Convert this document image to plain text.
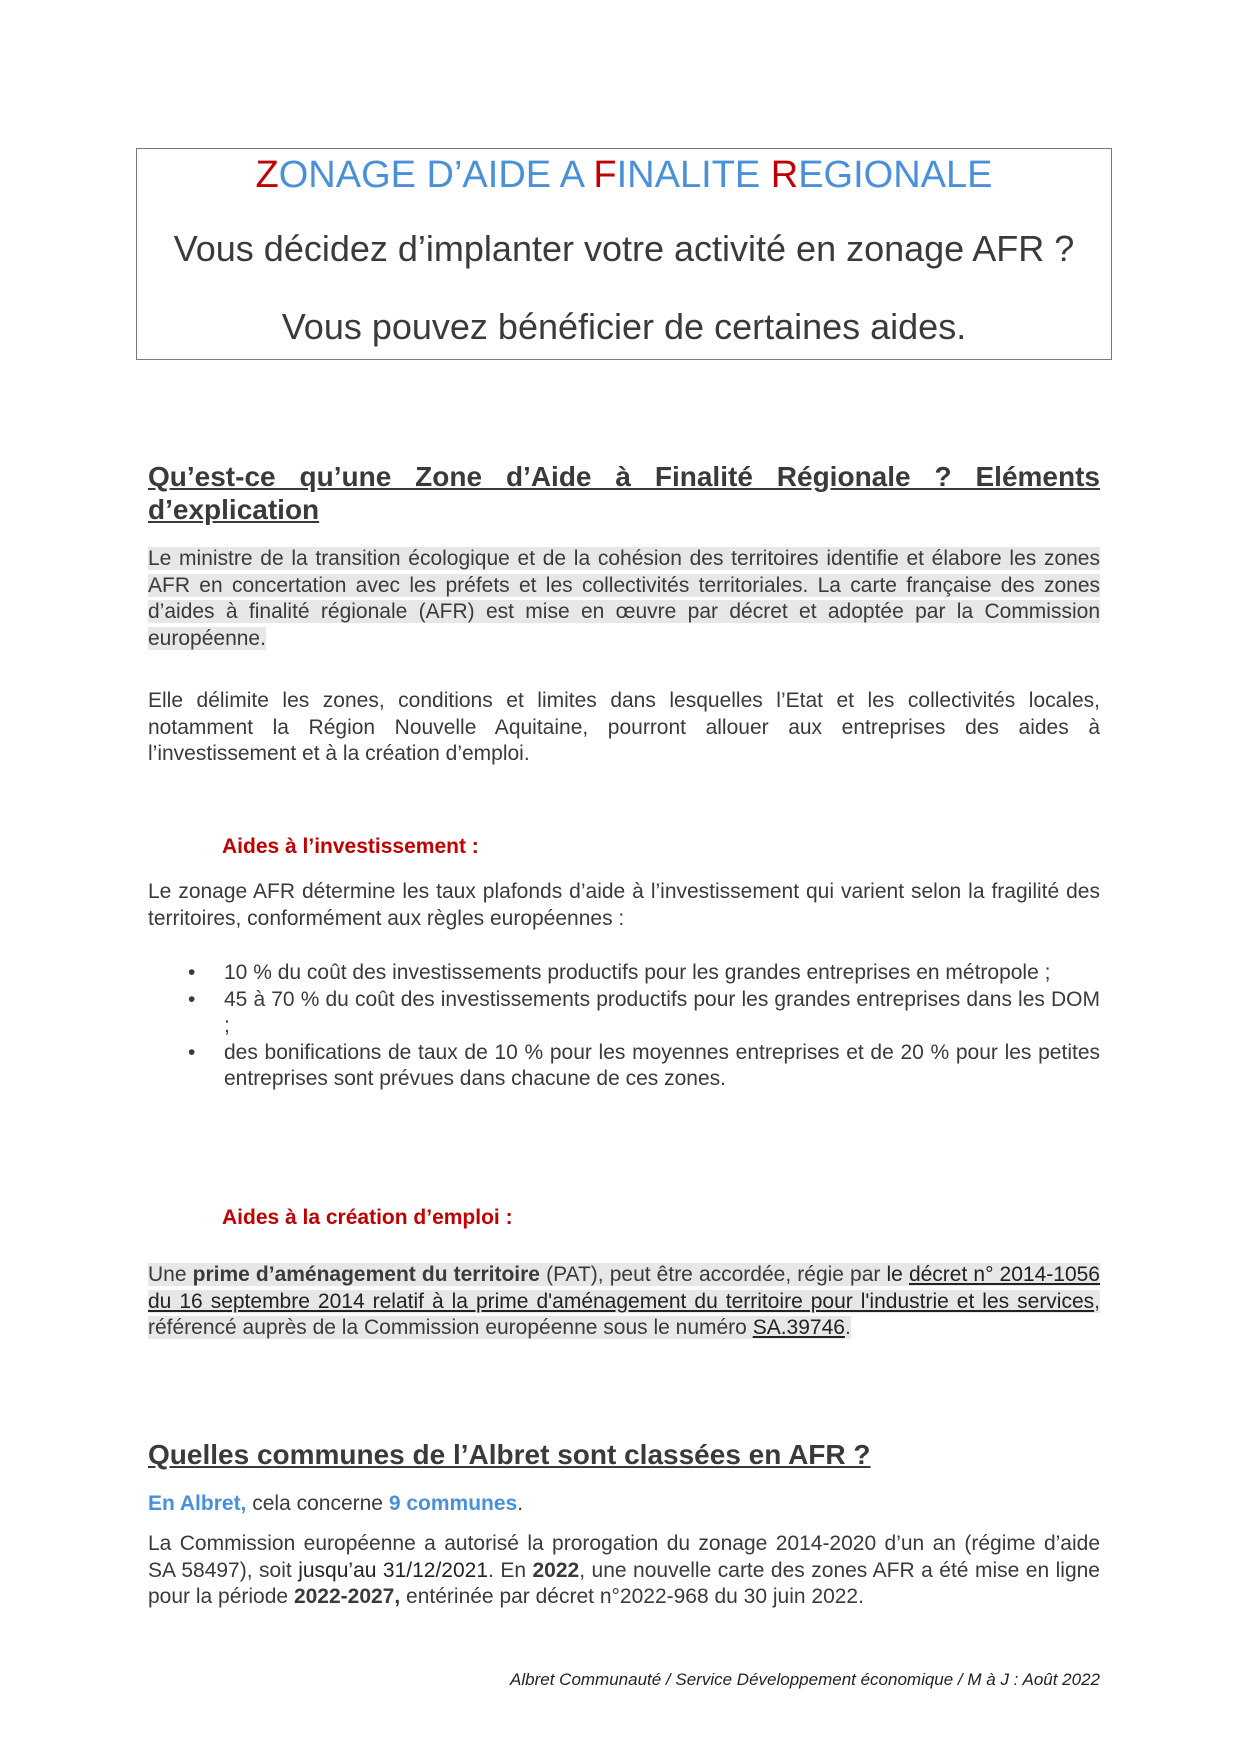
ZONAGE D’AIDE A FINALITE REGIONALE
Vous décidez d’implanter votre activité en zonage AFR ?
Vous pouvez bénéficier de certaines aides.
Qu’est-ce qu’une Zone d’Aide à Finalité Régionale ? Eléments
d’explication

Le ministre de la transition écologique et de la cohésion des territoires identifie et élabore les zones AFR en concertation avec les préfets et les collectivités territoriales. La carte française des zones d’aides à finalité régionale (AFR) est mise en œuvre par décret et adoptée par la Commission européenne.

Elle délimite les zones, conditions et limites dans lesquelles l’Etat et les collectivités locales, notamment la Région Nouvelle Aquitaine, pourront allouer aux entreprises des aides à l’investissement et à la création d’emploi.

Aides à l’investissement :

Le zonage AFR détermine les taux plafonds d’aide à l’investissement qui varient selon la fragilité des territoires, conformément aux règles européennes :

• 10 % du coût des investissements productifs pour les grandes entreprises en métropole ;
• 45 à 70 % du coût des investissements productifs pour les grandes entreprises dans les DOM ;
• des bonifications de taux de 10 % pour les moyennes entreprises et de 20 % pour les petites entreprises sont prévues dans chacune de ces zones.
Aides à la création d’emploi :

Une prime d’aménagement du territoire (PAT), peut être accordée, régie par le décret n° 2014-1056 du 16 septembre 2014 relatif à la prime d'aménagement du territoire pour l'industrie et les services, référencé auprès de la Commission européenne sous le numéro SA.39746.

Quelles communes de l’Albret sont classées en AFR ?

En Albret, cela concerne 9 communes.

La Commission européenne a autorisé la prorogation du zonage 2014-2020 d’un an (régime d’aide SA 58497), soit jusqu’au 31/12/2021. En 2022, une nouvelle carte des zones AFR a été mise en ligne pour la période 2022-2027, entérinée par décret n°2022-968 du 30 juin 2022.

Albret Communauté / Service Développement économique / M à J : Août 2022
